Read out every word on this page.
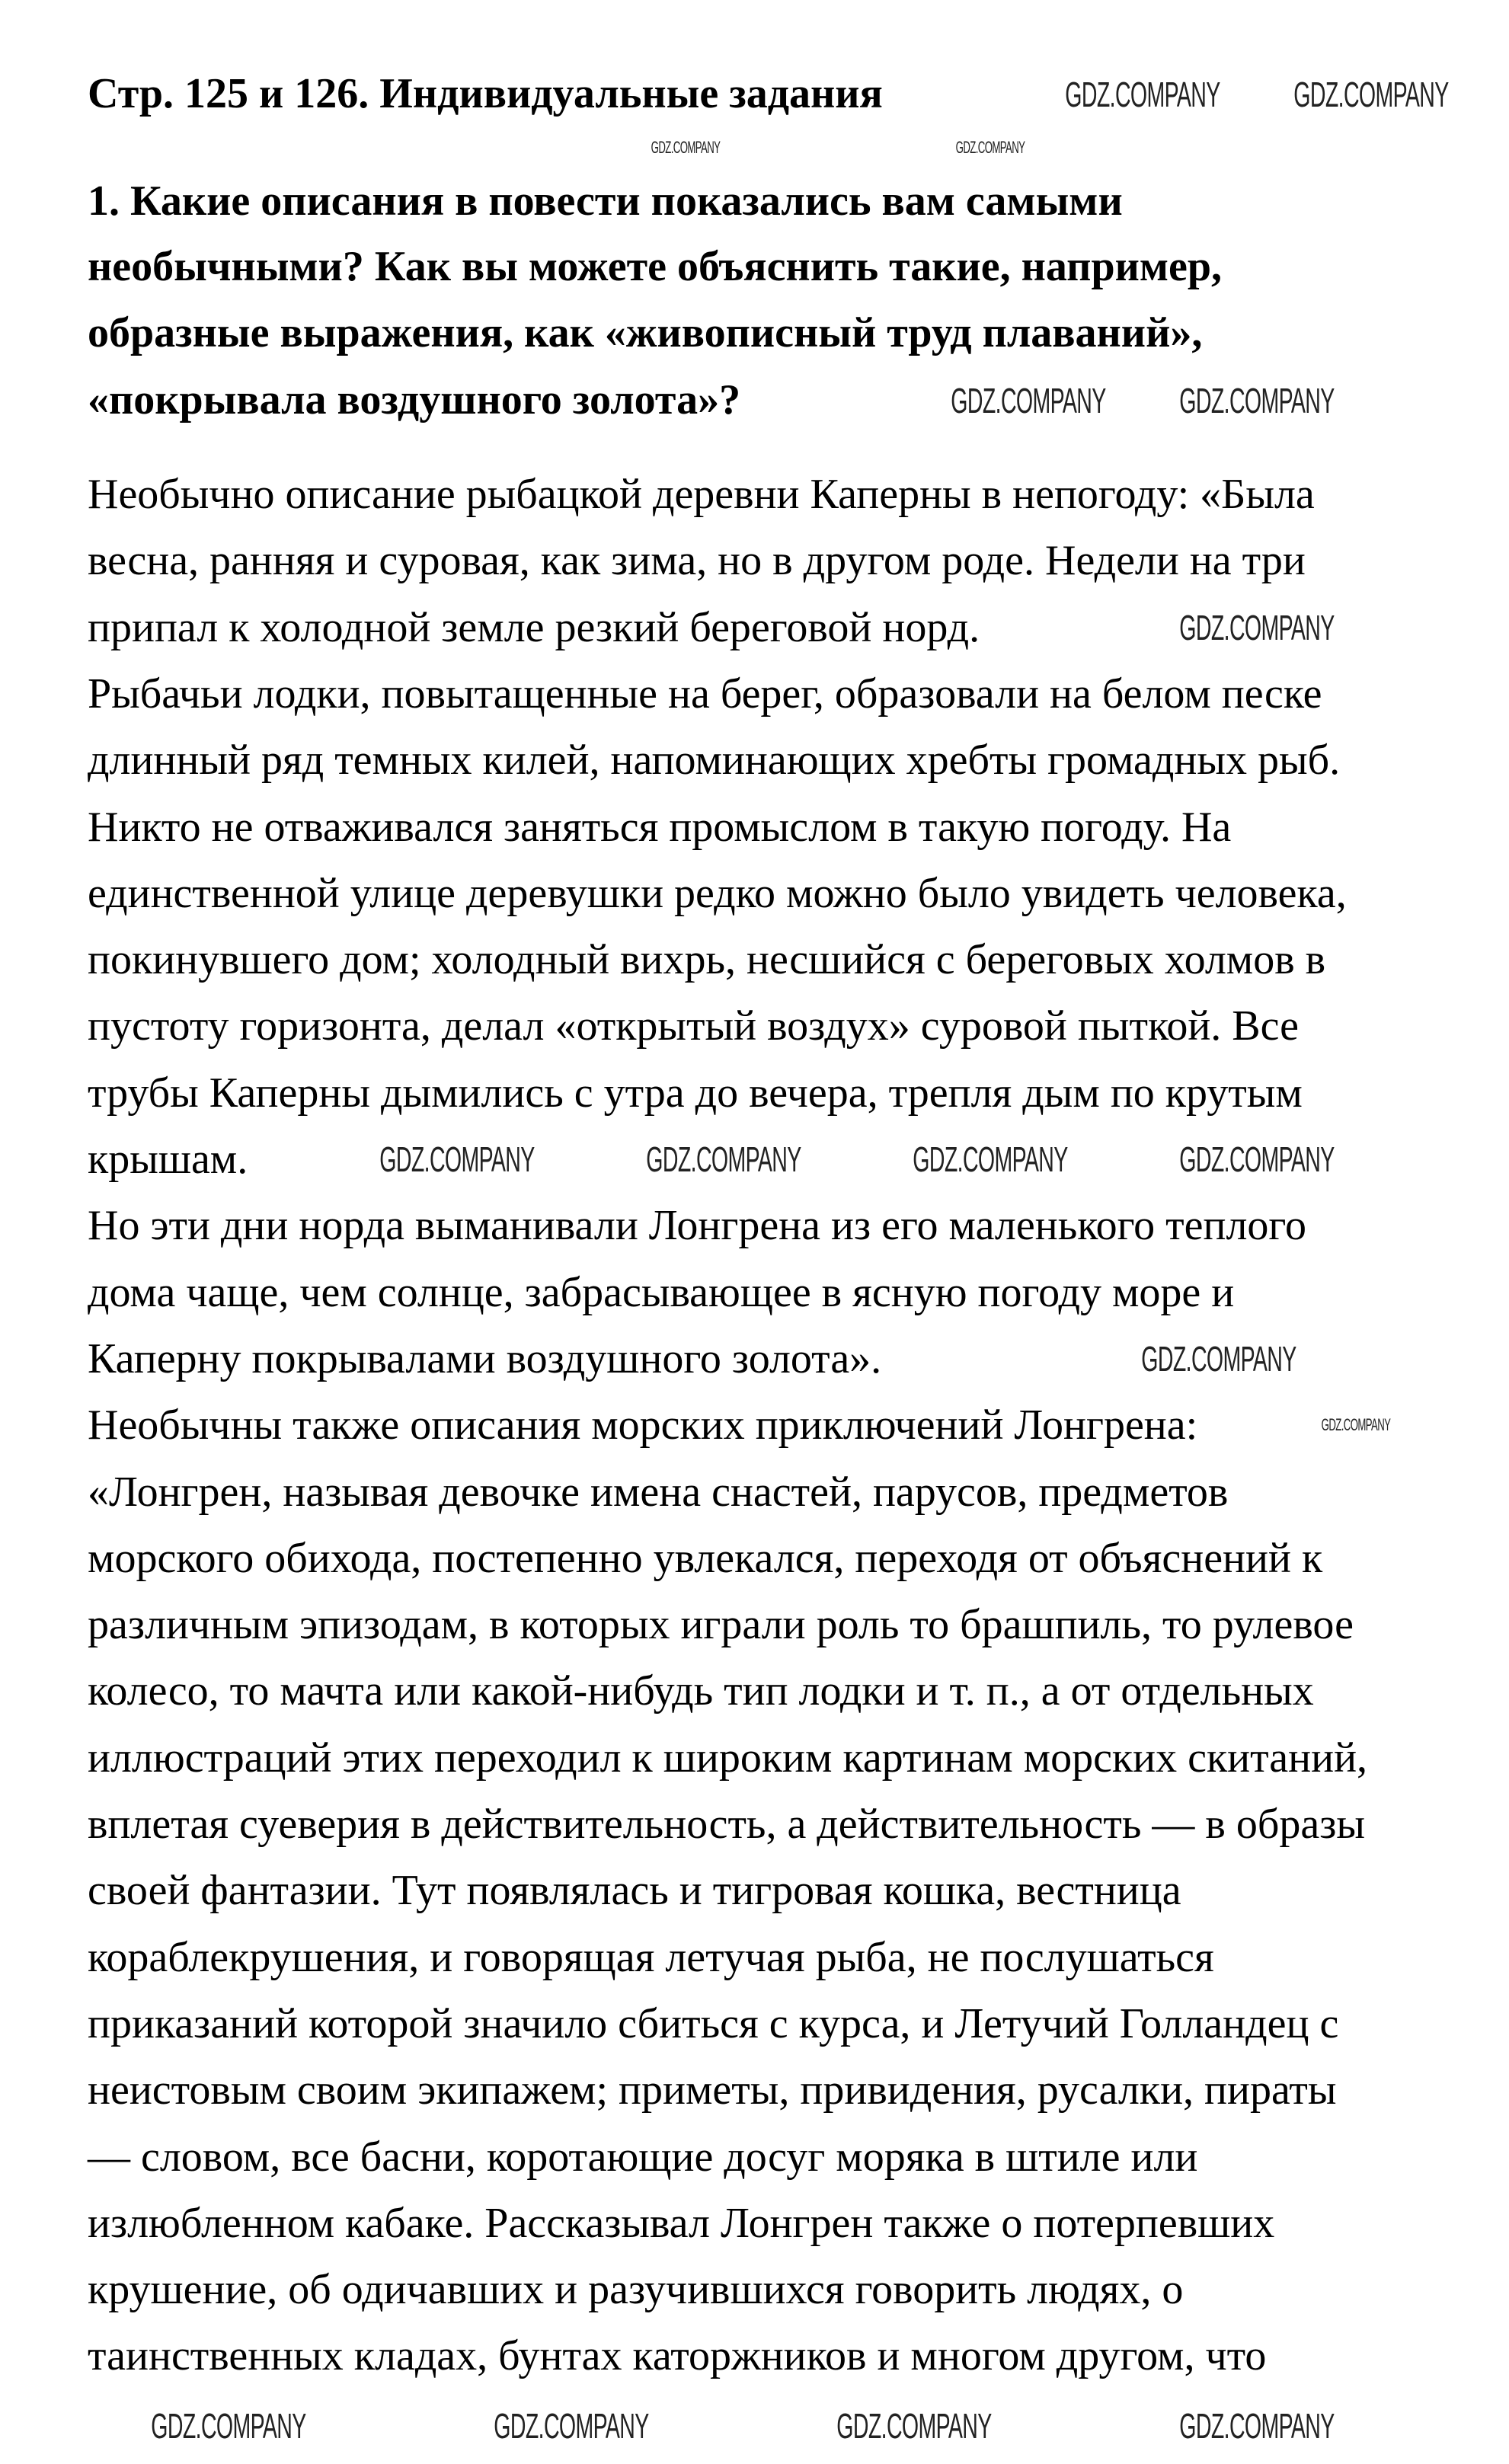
Стр. 125 и 126. Индивидуальные задания
1. Какие описания в повести показались вам самыми
необычными? Как вы можете объяснить такие, например,
образные выражения, как «живописный труд плаваний»,
«покрывала воздушного золота»?
Необычно описание рыбацкой деревни Каперны в непогоду: «Была
весна, ранняя и суровая, как зима, но в другом роде. Недели на три
припал к холодной земле резкий береговой норд.
Рыбачьи лодки, повытащенные на берег, образовали на белом песке
длинный ряд темных килей, напоминающих хребты громадных рыб.
Никто не отваживался заняться промыслом в такую погоду. На
единственной улице деревушки редко можно было увидеть человека,
покинувшего дом; холодный вихрь, несшийся с береговых холмов в
пустоту горизонта, делал «открытый воздух» суровой пыткой. Все
трубы Каперны дымились с утра до вечера, трепля дым по крутым
крышам.
Но эти дни норда выманивали Лонгрена из его маленького теплого
дома чаще, чем солнце, забрасывающее в ясную погоду море и
Каперну покрывалами воздушного золота».
Необычны также описания морских приключений Лонгрена:
«Лонгрен, называя девочке имена снастей, парусов, предметов
морского обихода, постепенно увлекался, переходя от объяснений к
различным эпизодам, в которых играли роль то брашпиль, то рулевое
колесо, то мачта или какой-нибудь тип лодки и т. п., а от отдельных
иллюстраций этих переходил к широким картинам морских скитаний,
вплетая суеверия в действительность, а действительность — в образы
своей фантазии. Тут появлялась и тигровая кошка, вестница
кораблекрушения, и говорящая летучая рыба, не послушаться
приказаний которой значило сбиться с курса, и Летучий Голландец с
неистовым своим экипажем; приметы, привидения, русалки, пираты
— словом, все басни, коротающие досуг моряка в штиле или
излюбленном кабаке. Рассказывал Лонгрен также о потерпевших
крушение, об одичавших и разучившихся говорить людях, о
таинственных кладах, бунтах каторжников и многом другом, что
GDZ.COMPANY GDZ.COMPANY
GDZ.COMPANY	GDZ.COMPANY
GDZ.COMPANY GDZ.COMPANY
GDZ.COMPANY
GDZ.COMPANY	GDZ.COMPANY	GDZ.COMPANY	GDZ.COMPANY
GDZ.COMPANY
GDZ.COMPANY
GDZ.COMPANY	GDZ.COMPANY	GDZ.COMPANY	GDZ.COMPANY
